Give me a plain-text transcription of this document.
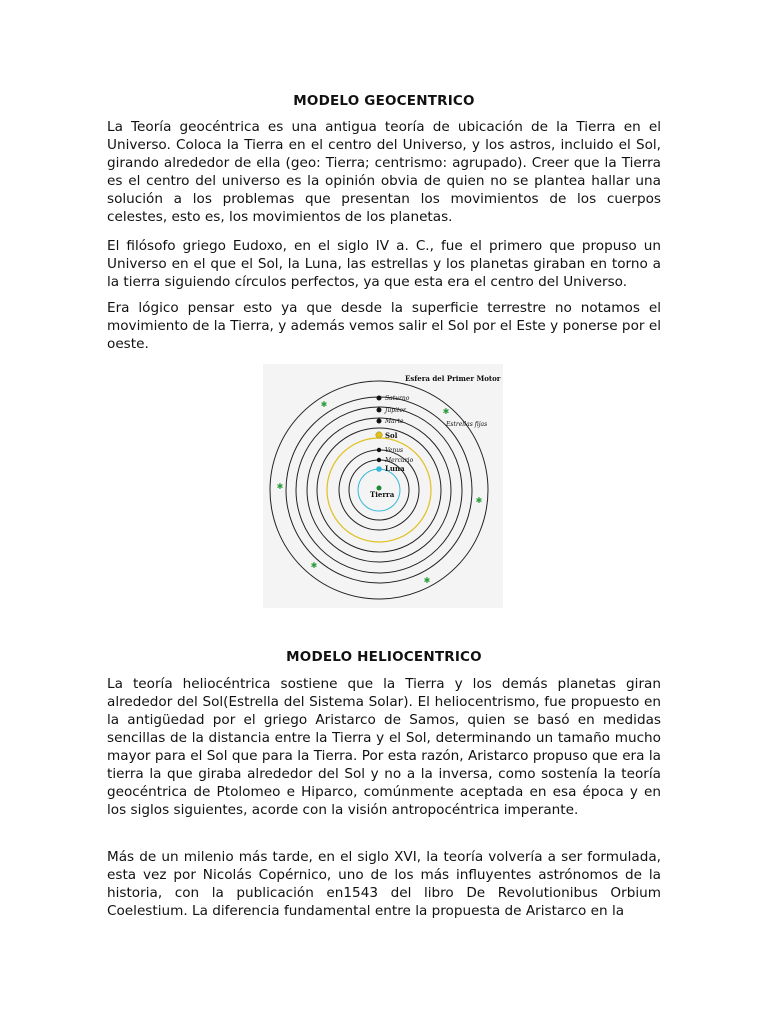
MODELO GEOCENTRICO

La Teoría geocéntrica es una antigua teoría de ubicación de la Tierra en el Universo. Coloca la Tierra en el centro del Universo, y los astros, incluido el Sol, girando alrededor de ella (geo: Tierra; centrismo: agrupado). Creer que la Tierra es el centro del universo es la opinión obvia de quien no se plantea hallar una solución a los problemas que presentan los movimientos de los cuerpos celestes, esto es, los movimientos de los planetas.

El filósofo griego Eudoxo, en el siglo IV a. C., fue el primero que propuso un Universo en el que el Sol, la Luna, las estrellas y los planetas giraban en torno a la tierra siguiendo círculos perfectos, ya que esta era el centro del Universo.

Era lógico pensar esto ya que desde la superficie terrestre no notamos el movimiento de la Tierra, y además vemos salir el Sol por el Este y ponerse por el oeste.

✱
✱
✱
✱
✱
✱
Esfera del Primer Motor
Estrellas fijas
Saturno
Júpiter
Marte
Sol
Venus
Mercurio
Luna
Tierra
MODELO HELIOCENTRICO

La teoría heliocéntrica sostiene que la Tierra y los demás planetas giran alrededor del Sol(Estrella del Sistema Solar). El heliocentrismo, fue propuesto en la antigüedad por el griego Aristarco de Samos, quien se basó en medidas sencillas de la distancia entre la Tierra y el Sol, determinando un tamaño mucho mayor para el Sol que para la Tierra. Por esta razón, Aristarco propuso que era la tierra la que giraba alrededor del Sol y no a la inversa, como sostenía la teoría geocéntrica de Ptolomeo e Hiparco, comúnmente aceptada en esa época y en los siglos siguientes, acorde con la visión antropocéntrica imperante.

Más de un milenio más tarde, en el siglo XVI, la teoría volvería a ser formulada, esta vez por Nicolás Copérnico, uno de los más influyentes astrónomos de la historia, con la publicación en1543 del libro De Revolutionibus Orbium Coelestium. La diferencia fundamental entre la propuesta de Aristarco en la
